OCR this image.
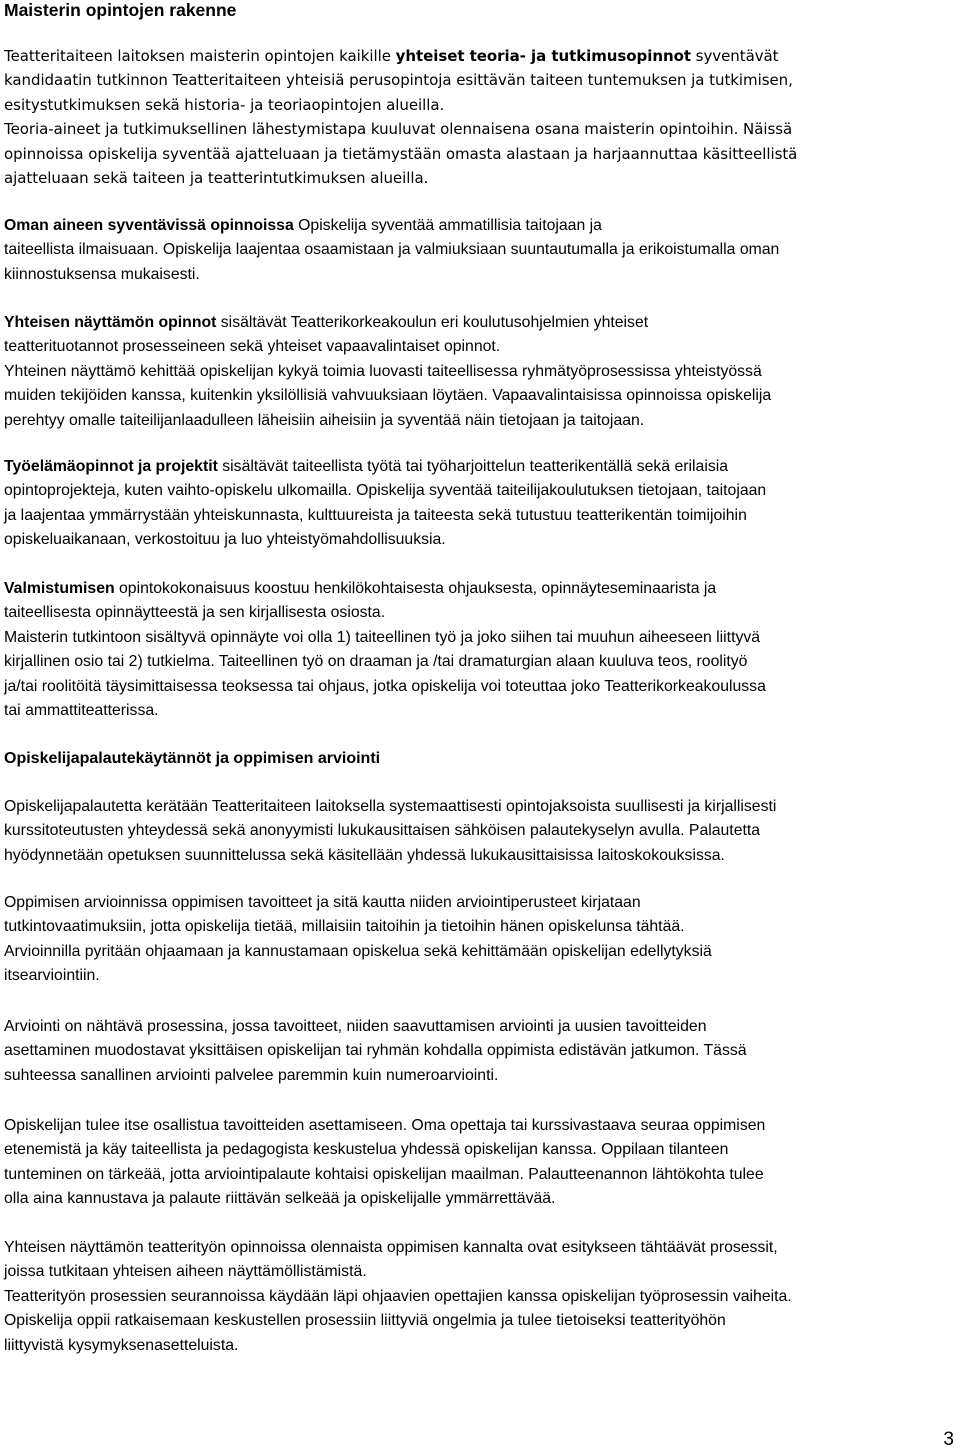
Maisterin opintojen rakenne
Teatteritaiteen laitoksen maisterin opintojen kaikille yhteiset teoria- ja tutkimusopinnot syventävät
kandidaatin tutkinnon Teatteritaiteen yhteisiä perusopintoja esittävän taiteen tuntemuksen ja tutkimisen,
esitystutkimuksen sekä historia- ja teoriaopintojen alueilla.
Teoria-aineet ja tutkimuksellinen lähestymistapa kuuluvat olennaisena osana maisterin opintoihin. Näissä
opinnoissa opiskelija syventää ajatteluaan ja tietämystään omasta alastaan ja harjaannuttaa käsitteellistä
ajatteluaan sekä taiteen ja teatterintutkimuksen alueilla.
Oman aineen syventävissä opinnoissa Opiskelija syventää ammatillisia taitojaan ja
taiteellista ilmaisuaan. Opiskelija laajentaa osaamistaan ja valmiuksiaan suuntautumalla ja erikoistumalla oman
kiinnostuksensa mukaisesti.
Yhteisen näyttämön opinnot sisältävät Teatterikorkeakoulun eri koulutusohjelmien yhteiset
teatterituotannot prosesseineen sekä yhteiset vapaavalintaiset opinnot.
Yhteinen näyttämö kehittää opiskelijan kykyä toimia luovasti taiteellisessa ryhmätyöprosessissa yhteistyössä
muiden tekijöiden kanssa, kuitenkin yksilöllisiä vahvuuksiaan löytäen. Vapaavalintaisissa opinnoissa opiskelija
perehtyy omalle taiteilijanlaadulleen läheisiin aiheisiin ja syventää näin tietojaan ja taitojaan.
Työelämäopinnot ja projektit sisältävät taiteellista työtä tai työharjoittelun teatterikentällä sekä erilaisia
opintoprojekteja, kuten vaihto-opiskelu ulkomailla. Opiskelija syventää taiteilijakoulutuksen tietojaan, taitojaan
ja laajentaa ymmärrystään yhteiskunnasta, kulttuureista ja taiteesta sekä tutustuu teatterikentän toimijoihin
opiskeluaikanaan, verkostoituu ja luo yhteistyömahdollisuuksia.
Valmistumisen opintokokonaisuus koostuu henkilökohtaisesta ohjauksesta, opinnäyteseminaarista ja
taiteellisesta opinnäytteestä ja sen kirjallisesta osiosta.
Maisterin tutkintoon sisältyvä opinnäyte voi olla 1) taiteellinen työ ja joko siihen tai muuhun aiheeseen liittyvä
kirjallinen osio tai 2) tutkielma. Taiteellinen työ on draaman ja /tai dramaturgian alaan kuuluva teos, roolityö
ja/tai roolitöitä täysimittaisessa teoksessa tai ohjaus, jotka opiskelija voi toteuttaa joko Teatterikorkeakoulussa
tai ammattiteatterissa.
Opiskelijapalautekäytännöt ja oppimisen arviointi
Opiskelijapalautetta kerätään Teatteritaiteen laitoksella systemaattisesti opintojaksoista suullisesti ja kirjallisesti
kurssitoteutusten yhteydessä sekä anonyymisti lukukausittaisen sähköisen palautekyselyn avulla. Palautetta
hyödynnetään opetuksen suunnittelussa sekä käsitellään yhdessä lukukausittaisissa laitoskokouksissa.
Oppimisen arvioinnissa oppimisen tavoitteet ja sitä kautta niiden arviointiperusteet kirjataan
tutkintovaatimuksiin, jotta opiskelija tietää, millaisiin taitoihin ja tietoihin hänen opiskelunsa tähtää.
Arvioinnilla pyritään ohjaamaan ja kannustamaan opiskelua sekä kehittämään opiskelijan edellytyksiä
itsearviointiin.
Arviointi on nähtävä prosessina, jossa tavoitteet, niiden saavuttamisen arviointi ja uusien tavoitteiden
asettaminen muodostavat yksittäisen opiskelijan tai ryhmän kohdalla oppimista edistävän jatkumon. Tässä
suhteessa sanallinen arviointi palvelee paremmin kuin numeroarviointi.
Opiskelijan tulee itse osallistua tavoitteiden asettamiseen. Oma opettaja tai kurssivastaava seuraa oppimisen
etenemistä ja käy taiteellista ja pedagogista keskustelua yhdessä opiskelijan kanssa. Oppilaan tilanteen
tunteminen on tärkeää, jotta arviointipalaute kohtaisi opiskelijan maailman. Palautteenannon lähtökohta tulee
olla aina kannustava ja palaute riittävän selkeää ja opiskelijalle ymmärrettävää.
Yhteisen näyttämön teatterityön opinnoissa olennaista oppimisen kannalta ovat esitykseen tähtäävät prosessit,
joissa tutkitaan yhteisen aiheen näyttämöllistämistä.
Teatterityön prosessien seurannoissa käydään läpi ohjaavien opettajien kanssa opiskelijan työprosessin vaiheita.
Opiskelija oppii ratkaisemaan keskustellen prosessiin liittyviä ongelmia ja tulee tietoiseksi teatterityöhön
liittyvistä kysymyksenasetteluista.
3
